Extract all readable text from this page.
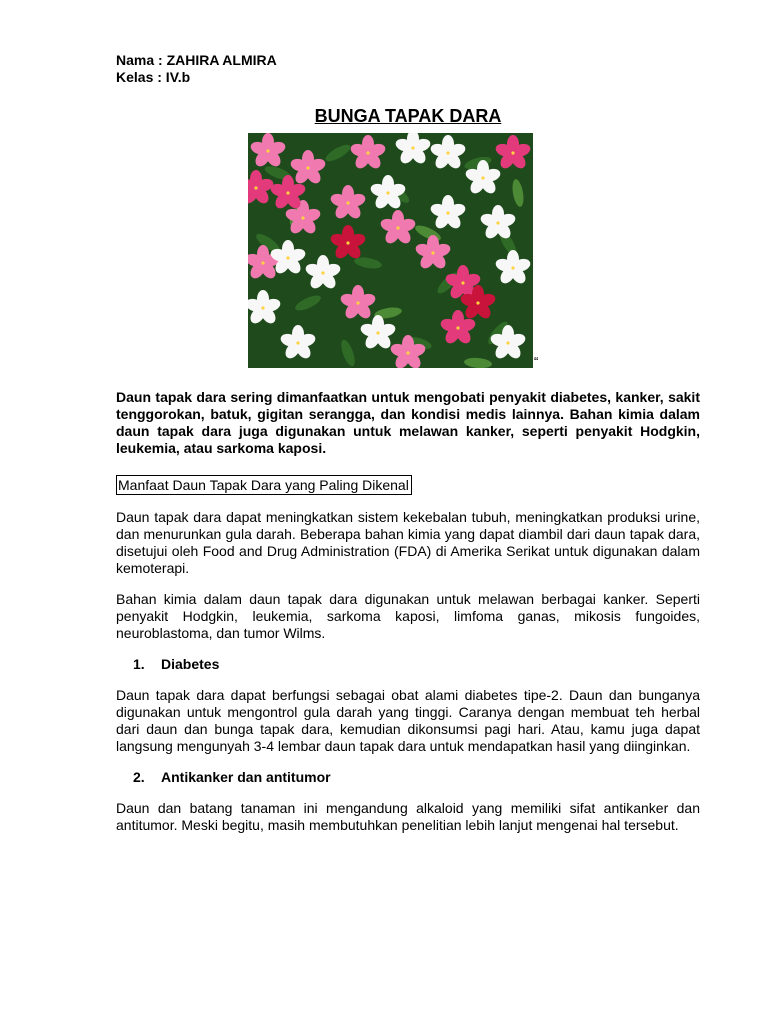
Nama : ZAHIRA ALMIRA

Kelas : IV.b

BUNGA TAPAK DARA
“

Daun tapak dara sering dimanfaatkan untuk mengobati penyakit diabetes, kanker, sakit tenggorokan, batuk, gigitan serangga, dan kondisi medis lainnya. Bahan kimia dalam daun tapak dara juga digunakan untuk melawan kanker, seperti penyakit Hodgkin, leukemia, atau sarkoma kaposi.

Manfaat Daun Tapak Dara yang Paling Dikenal

Daun tapak dara dapat meningkatkan sistem kekebalan tubuh, meningkatkan produksi urine, dan menurunkan gula darah. Beberapa bahan kimia yang dapat diambil dari daun tapak dara, disetujui oleh Food and Drug Administration (FDA) di Amerika Serikat untuk digunakan dalam kemoterapi.

Bahan kimia dalam daun tapak dara digunakan untuk melawan berbagai kanker. Seperti penyakit Hodgkin, leukemia, sarkoma kaposi, limfoma ganas, mikosis fungoides, neuroblastoma, dan tumor Wilms.

1. Diabetes

Daun tapak dara dapat berfungsi sebagai obat alami diabetes tipe-2. Daun dan bunganya digunakan untuk mengontrol gula darah yang tinggi. Caranya dengan membuat teh herbal dari daun dan bunga tapak dara, kemudian dikonsumsi pagi hari. Atau, kamu juga dapat langsung mengunyah 3-4 lembar daun tapak dara untuk mendapatkan hasil yang diinginkan.

2. Antikanker dan antitumor

Daun dan batang tanaman ini mengandung alkaloid yang memiliki sifat antikanker dan antitumor. Meski begitu, masih membutuhkan penelitian lebih lanjut mengenai hal tersebut.
